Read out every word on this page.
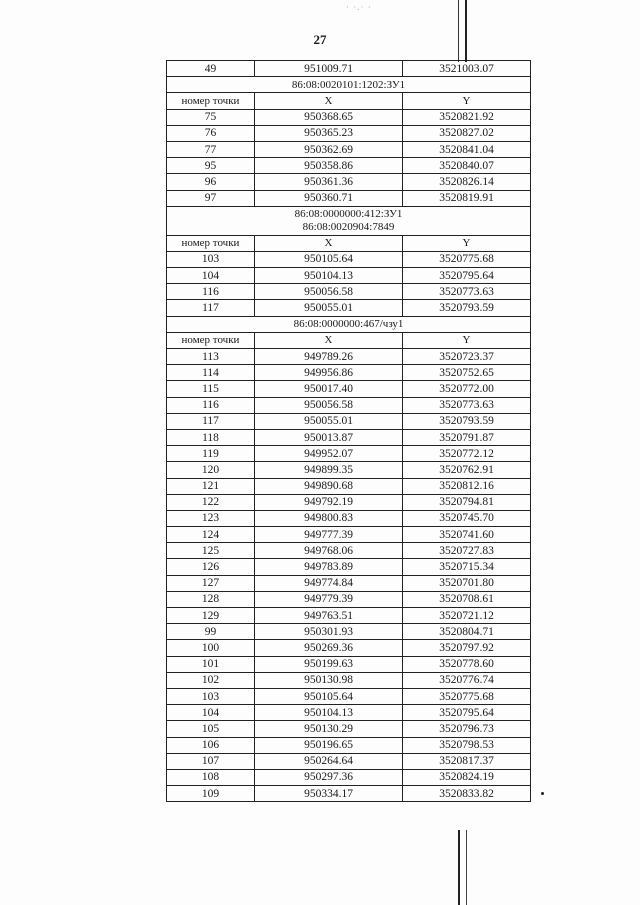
· ·.· ·
27
49	951009.71	3521003.07

86:08:0020101:1202:ЗУ1		

номер точки	X	Y
75	950368.65	3520821.92
76	950365.23	3520827.02
77	950362.69	3520841.04
95	950358.86	3520840.07
96	950361.36	3520826.14
97	950360.71	3520819.91

86:08:0000000:412:ЗУ1
86:08:0020904:7849		

номер точки	X	Y
103	950105.64	3520775.68
104	950104.13	3520795.64
116	950056.58	3520773.63
117	950055.01	3520793.59

86:08:0000000:467/чзу1		

номер точки	X	Y
113	949789.26	3520723.37
114	949956.86	3520752.65
115	950017.40	3520772.00
116	950056.58	3520773.63
117	950055.01	3520793.59
118	950013.87	3520791.87
119	949952.07	3520772.12
120	949899.35	3520762.91
121	949890.68	3520812.16
122	949792.19	3520794.81
123	949800.83	3520745.70
124	949777.39	3520741.60
125	949768.06	3520727.83
126	949783.89	3520715.34
127	949774.84	3520701.80
128	949779.39	3520708.61
129	949763.51	3520721.12
99	950301.93	3520804.71
100	950269.36	3520797.92
101	950199.63	3520778.60
102	950130.98	3520776.74
103	950105.64	3520775.68
104	950104.13	3520795.64
105	950130.29	3520796.73
106	950196.65	3520798.53
107	950264.64	3520817.37
108	950297.36	3520824.19
109	950334.17	3520833.82
